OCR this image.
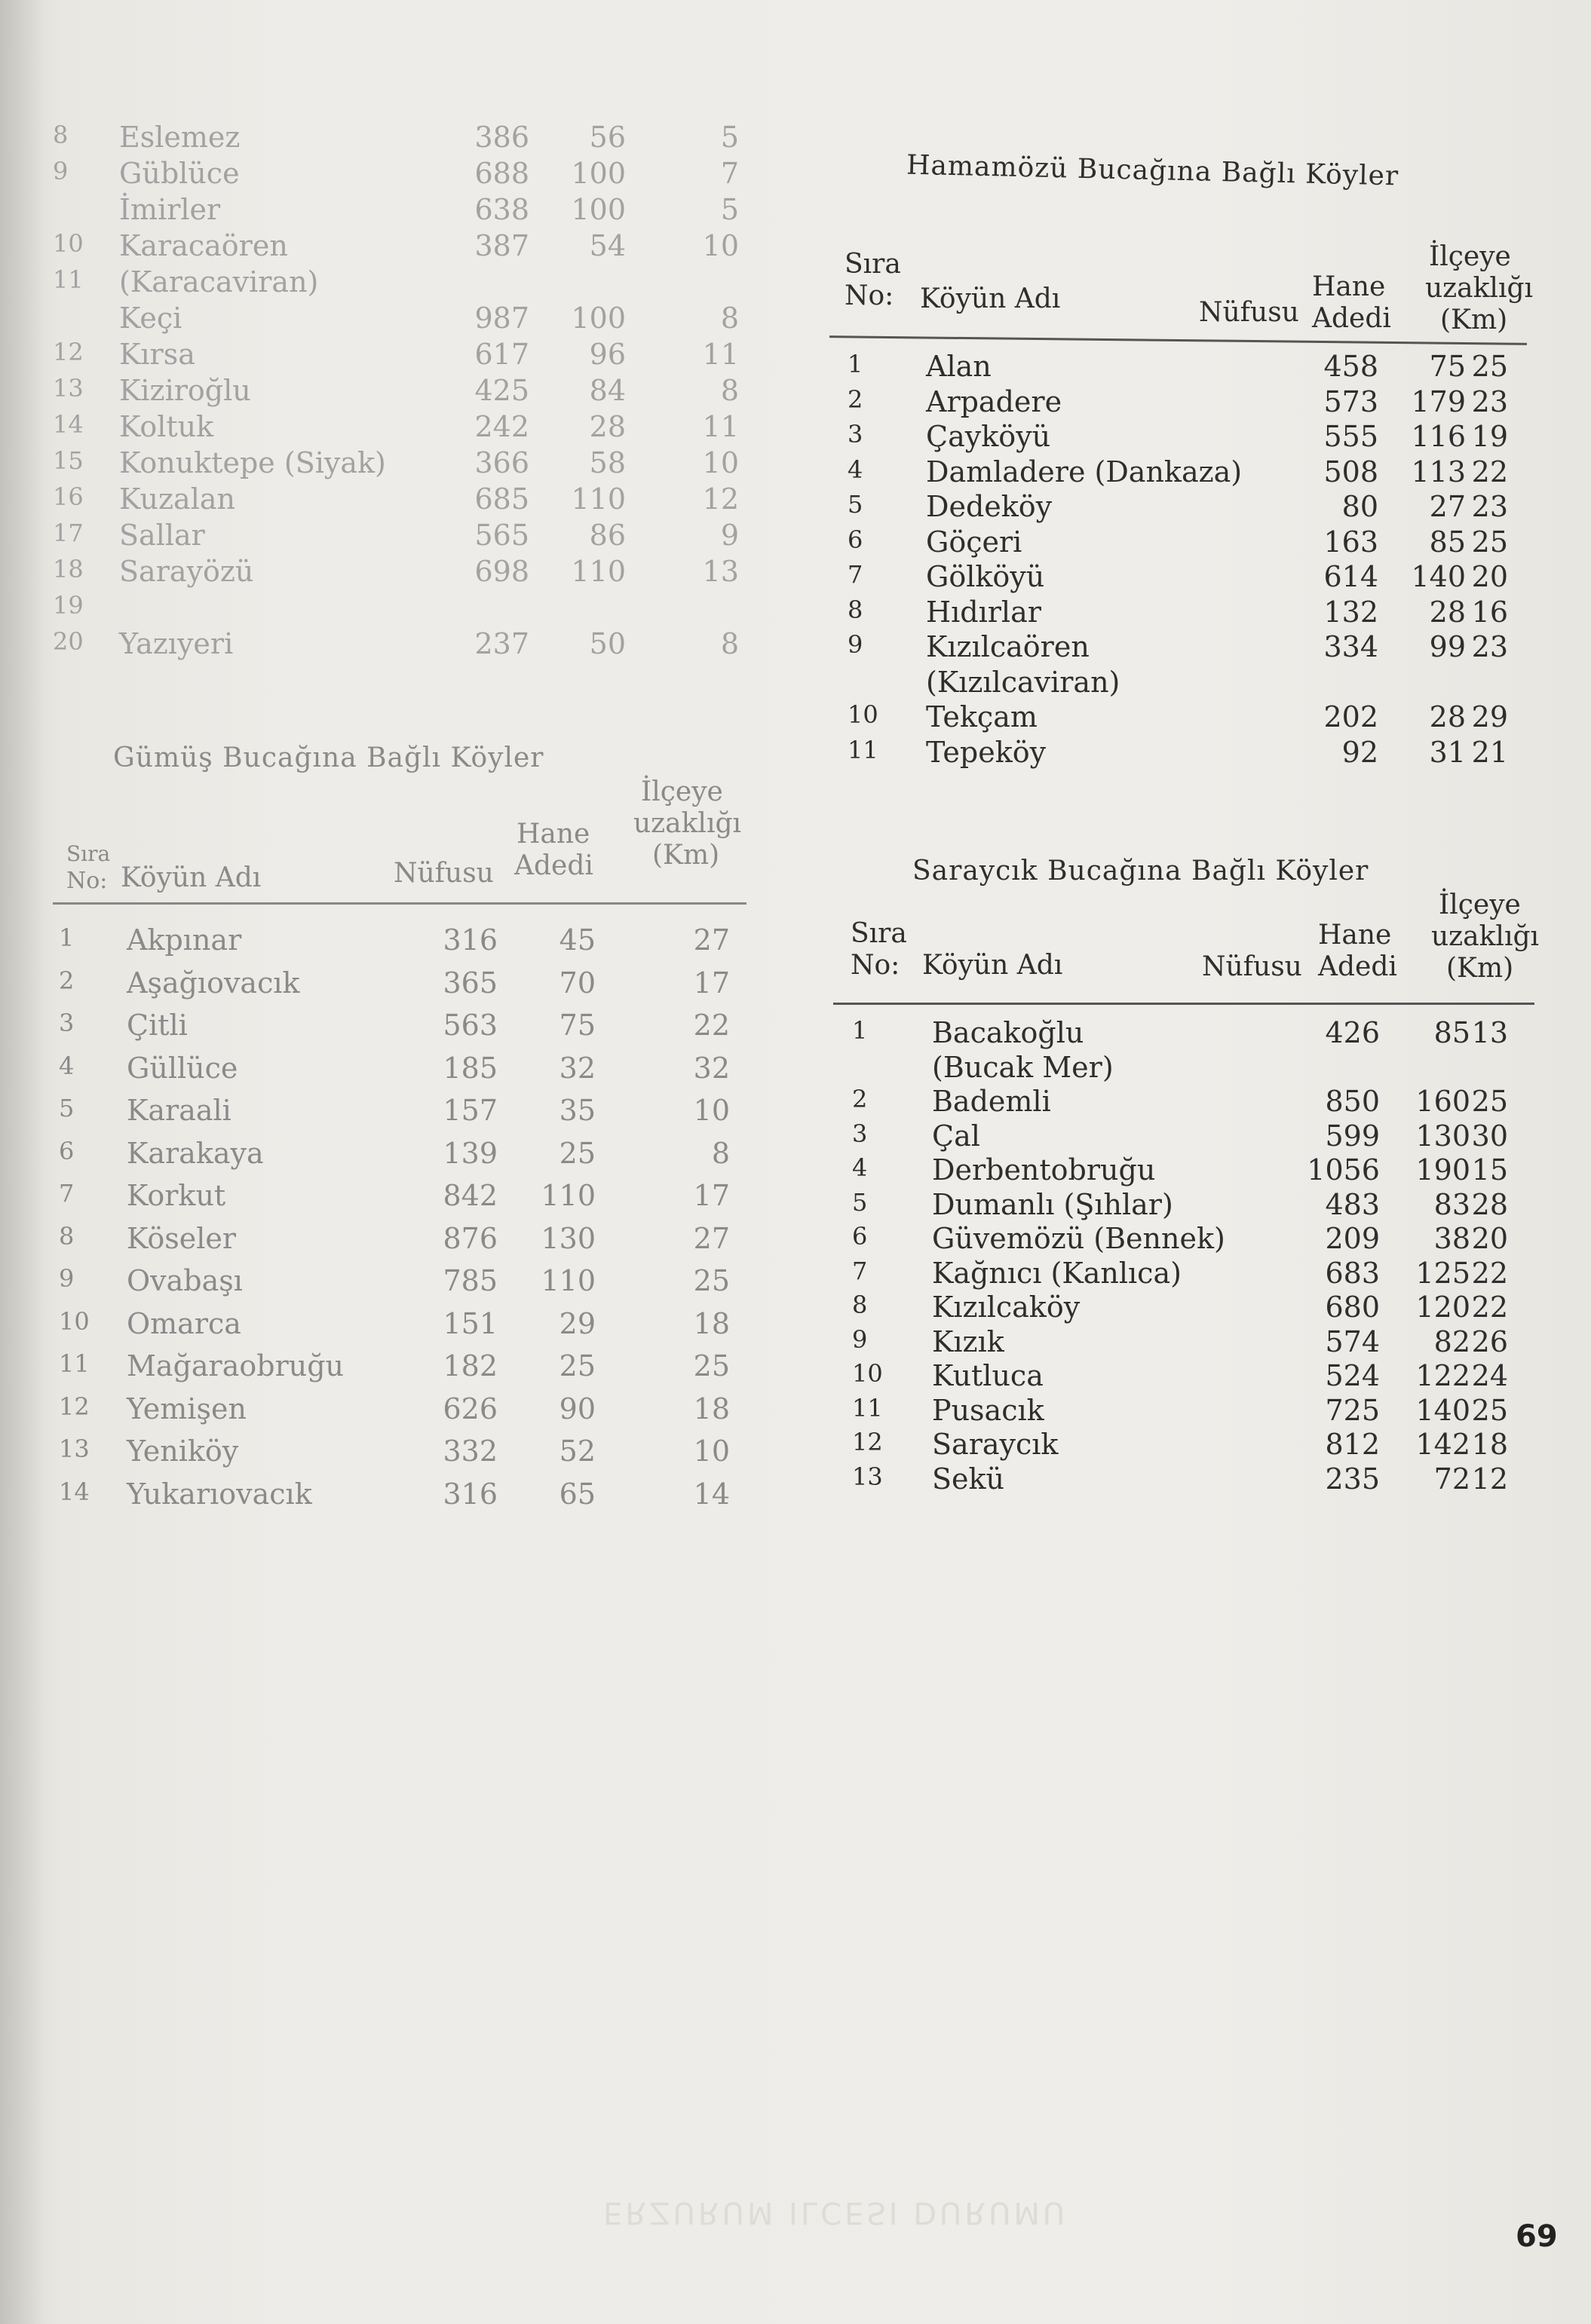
8 Eslemez	386 56	5
9 Güblüce	688 100	7
İmirler	638 100	5
10 Karacaören	387 54	10
11 (Karacaviran)
Keçi	987 100	8
12 Kırsa	617 96	11
13 Kiziroğlu	425 84	8
14 Koltuk	242 28	11
15 Konuktepe (Siyak)	366 58	10
16 Kuzalan	685 110	12
17 Sallar	565 86	9
18 Sarayözü	698 110	13
19
20 Yazıyeri	237 50	8
Gümüş Bucağına Bağlı Köyler
Sıra
No: Köyün Adı	Nüfusu
Hane
Adedi
İlçeye
uzaklığı
(Km)
1 Akpınar	316 45	27
2 Aşağıovacık	365 70	17
3 Çitli	563 75	22
4 Güllüce	185 32	32
5 Karaali	157 35	10
6 Karakaya	139 25	8
7 Korkut	842 110	17
8 Köseler	876 130	27
9 Ovabaşı	785 110	25
10 Omarca	151 29	18
11 Mağaraobruğu	182 25	25
12 Yemişen	626 90	18
13 Yeniköy	332 52	10
14 Yukarıovacık	316 65	14
Hamamözü Bucağına Bağlı Köyler
Sıra
No: Köyün Adı	Nüfusu
Hane
Adedi
İlçeye
uzaklığı
(Km)
1 Alan	458 75 25
2 Arpadere	573 179 23
3 Çayköyü	555 116 19
4 Damladere (Dankaza)	508 113 22
5 Dedeköy	80 27 23
6 Göçeri	163 85 25
7 Gölköyü	614 140 20
8 Hıdırlar	132 28 16
9 Kızılcaören	334 99 23
(Kızılcaviran)
10 Tekçam	202 28 29
11 Tepeköy	92 31 21
Saraycık Bucağına Bağlı Köyler
Sıra
No: Köyün Adı	Nüfusu
Hane
Adedi
İlçeye
uzaklığı
(Km)
1 Bacakoğlu	426 85 13
(Bucak Mer)
2 Bademli	850 160 25
3 Çal	599 130 30
4 Derbentobruğu	1056 190 15
5 Dumanlı (Şıhlar)	483 83 28
6 Güvemözü (Bennek)	209 38 20
7 Kağnıcı (Kanlıca)	683 125 22
8 Kızılcaköy	680 120 22
9 Kızık	574 82 26
10 Kutluca	524 122 24
11 Pusacık	725 140 25
12 Saraycık	812 142 18
13 Sekü	235 72 12
ERZURUM ILCESI DURUMU
69
